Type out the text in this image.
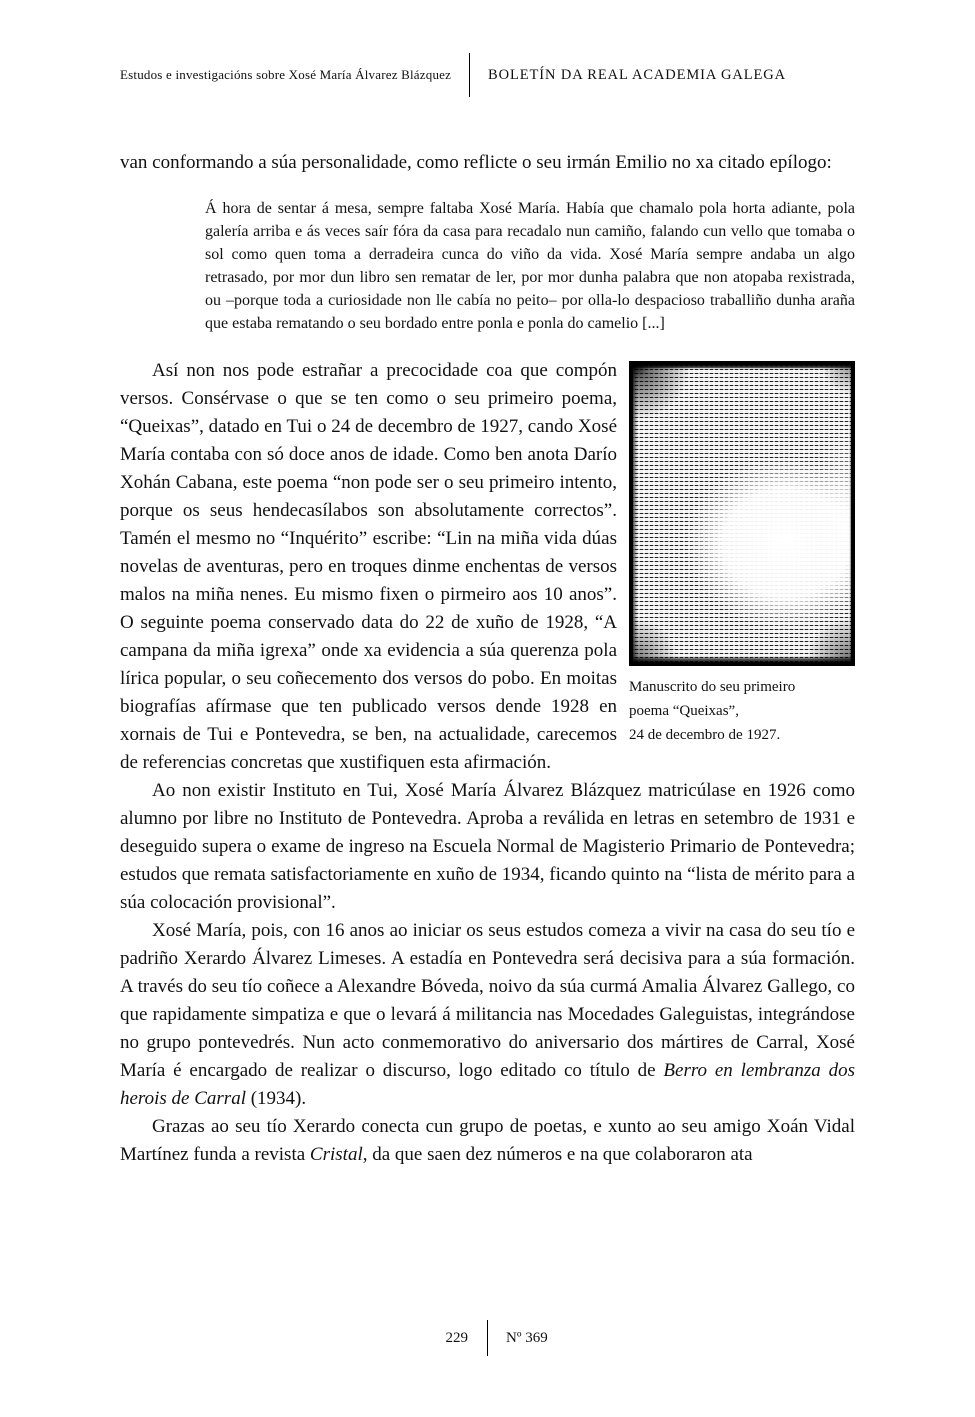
Estudos e investigacións sobre Xosé María Álvarez Blázquez	BOLETÍN DA REAL ACADEMIA GALEGA

van conformando a súa personalidade, como reflicte o seu irmán Emilio no xa citado epílogo:

Á hora de sentar á mesa, sempre faltaba Xosé María. Había que chamalo pola horta adiante, pola galería arriba e ás veces saír fóra da casa para recadalo nun camiño, falando cun vello que tomaba o sol como quen toma a derradeira cunca do viño da vida. Xosé María sempre andaba un algo retrasado, por mor dun libro sen rematar de ler, por mor dunha palabra que non atopaba rexistrada, ou –porque toda a curiosidade non lle cabía no peito– por olla-lo despacioso traballiño dunha araña que estaba rematando o seu bordado entre ponla e ponla do camelio [...]
Manuscrito do seu primeiro
poema “Queixas”,
24 de decembro de 1927.

Así non nos pode estrañar a precocidade coa que compón versos. Consérvase o que se ten como o seu primeiro poema, “Queixas”, datado en Tui o 24 de decembro de 1927, cando Xosé María contaba con só doce anos de idade. Como ben anota Darío Xohán Cabana, este poema “non pode ser o seu primeiro intento, porque os seus hendecasílabos son absolutamente correctos”. Tamén el mesmo no “Inquérito” escribe: “Lin na miña vida dúas novelas de aventuras, pero en troques dinme enchentas de versos malos na miña nenes. Eu mismo fixen o pirmeiro aos 10 anos”. O seguinte poema conservado data do 22 de xuño de 1928, “A campana da miña igrexa” onde xa evidencia a súa querenza pola lírica popular, o seu coñecemento dos versos do pobo. En moitas biografías afírmase que ten publicado versos dende 1928 en xornais de Tui e Pontevedra, se ben, na actualidade, carecemos de referencias concretas que xustifiquen esta afirmación.

Ao non existir Instituto en Tui, Xosé María Álvarez Blázquez matricúlase en 1926 como alumno por libre no Instituto de Pontevedra. Aproba a reválida en letras en setembro de 1931 e deseguido supera o exame de ingreso na Escuela Normal de Magisterio Primario de Pontevedra; estudos que remata satisfactoriamente en xuño de 1934, ficando quinto na “lista de mérito para a súa colocación provisional”.

Xosé María, pois, con 16 anos ao iniciar os seus estudos comeza a vivir na casa do seu tío e padriño Xerardo Álvarez Limeses. A estadía en Pontevedra será decisiva para a súa formación. A través do seu tío coñece a Alexandre Bóveda, noivo da súa curmá Amalia Álvarez Gallego, co que rapidamente simpatiza e que o levará á militancia nas Mocedades Galeguistas, integrándose no grupo pontevedrés. Nun acto conmemorativo do aniversario dos mártires de Carral, Xosé María é encargado de realizar o discurso, logo editado co título de Berro en lembranza dos herois de Carral (1934).

Grazas ao seu tío Xerardo conecta cun grupo de poetas, e xunto ao seu amigo Xoán Vidal Martínez funda a revista Cristal, da que saen dez números e na que colaboraron ata

229	Nº 369
